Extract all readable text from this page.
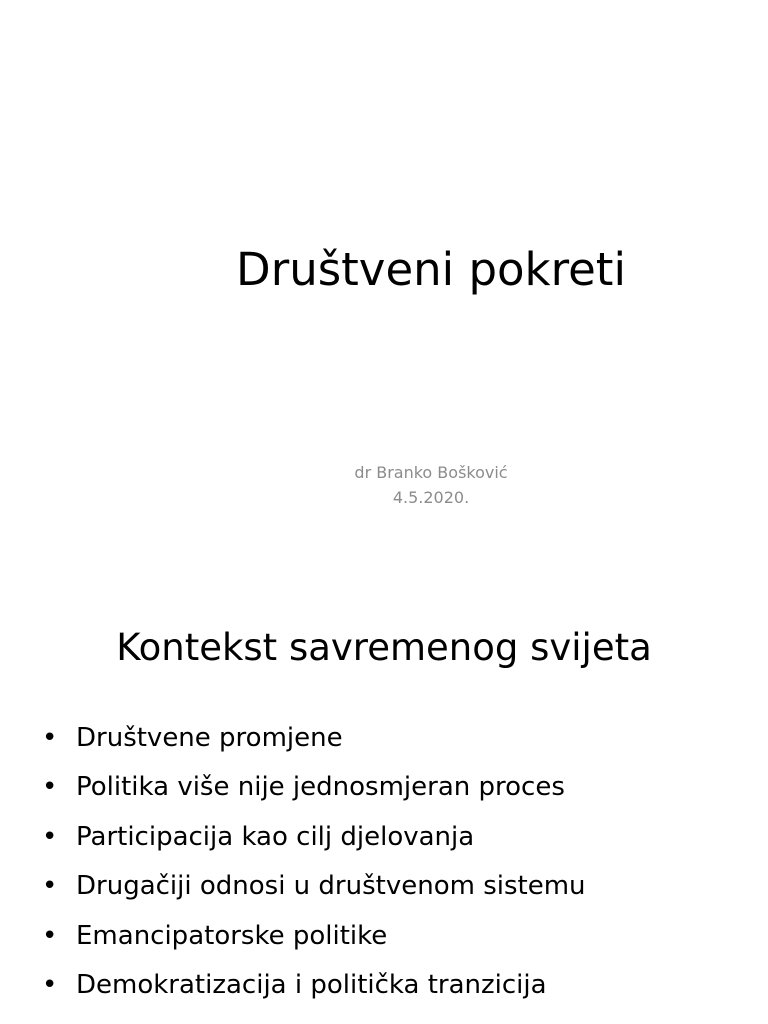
Društveni pokreti
dr Branko Bošković
4.5.2020.
Kontekst savremenog svijeta
• Društvene promjene
• Politika više nije jednosmjeran proces
• Participacija kao cilj djelovanja
• Drugačiji odnosi u društvenom sistemu
• Emancipatorske politike
• Demokratizacija i politička tranzicija
